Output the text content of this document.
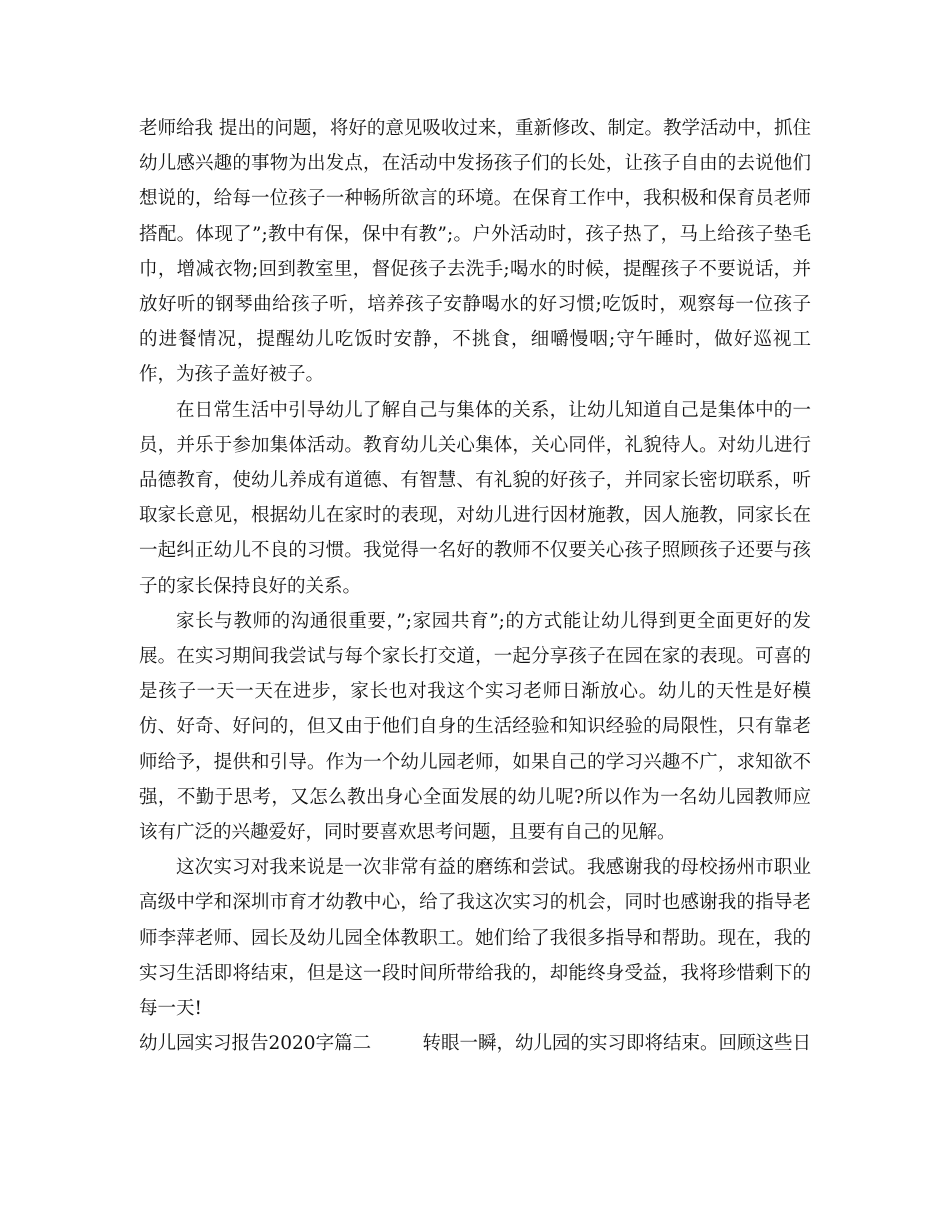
老师给我 提出的问题，将好的意见吸收过来，重新修改、制定。教学活动中，抓住幼儿感兴趣的事物为出发点，在活动中发扬孩子们的长处，让孩子自由的去说他们想说的，给每一位孩子一种畅所欲言的环境。在保育工作中，我积极和保育员老师搭配。体现了”;教中有保，保中有教”;。户外活动时，孩子热了，马上给孩子垫毛巾，增减衣物;回到教室里，督促孩子去洗手;喝水的时候，提醒孩子不要说话，并放好听的钢琴曲给孩子听，培养孩子安静喝水的好习惯;吃饭时，观察每一位孩子的进餐情况，提醒幼儿吃饭时安静，不挑食，细嚼慢咽;守午睡时，做好巡视工作，为孩子盖好被子。

在日常生活中引导幼儿了解自己与集体的关系，让幼儿知道自己是集体中的一员，并乐于参加集体活动。教育幼儿关心集体，关心同伴，礼貌待人。对幼儿进行品德教育，使幼儿养成有道德、有智慧、有礼貌的好孩子，并同家长密切联系，听取家长意见，根据幼儿在家时的表现，对幼儿进行因材施教，因人施教，同家长在一起纠正幼儿不良的习惯。我觉得一名好的教师不仅要关心孩子照顾孩子还要与孩子的家长保持良好的关系。

家长与教师的沟通很重要，”;家园共育”;的方式能让幼儿得到更全面更好的发展。在实习期间我尝试与每个家长打交道，一起分享孩子在园在家的表现。可喜的是孩子一天一天在进步，家长也对我这个实习老师日渐放心。幼儿的天性是好模仿、好奇、好问的，但又由于他们自身的生活经验和知识经验的局限性，只有靠老师给予，提供和引导。作为一个幼儿园老师，如果自己的学习兴趣不广，求知欲不强，不勤于思考，又怎么教出身心全面发展的幼儿呢?所以作为一名幼儿园教师应该有广泛的兴趣爱好，同时要喜欢思考问题，且要有自己的见解。

这次实习对我来说是一次非常有益的磨练和尝试。我感谢我的母校扬州市职业高级中学和深圳市育才幼教中心，给了我这次实习的机会，同时也感谢我的指导老师李萍老师、园长及幼儿园全体教职工。她们给了我很多指导和帮助。现在，我的实习生活即将结束，但是这一段时间所带给我的，却能终身受益，我将珍惜剩下的每一天!

幼儿园实习报告2020字篇二	转眼一瞬，幼儿园的实习即将结束。回顾这些日
